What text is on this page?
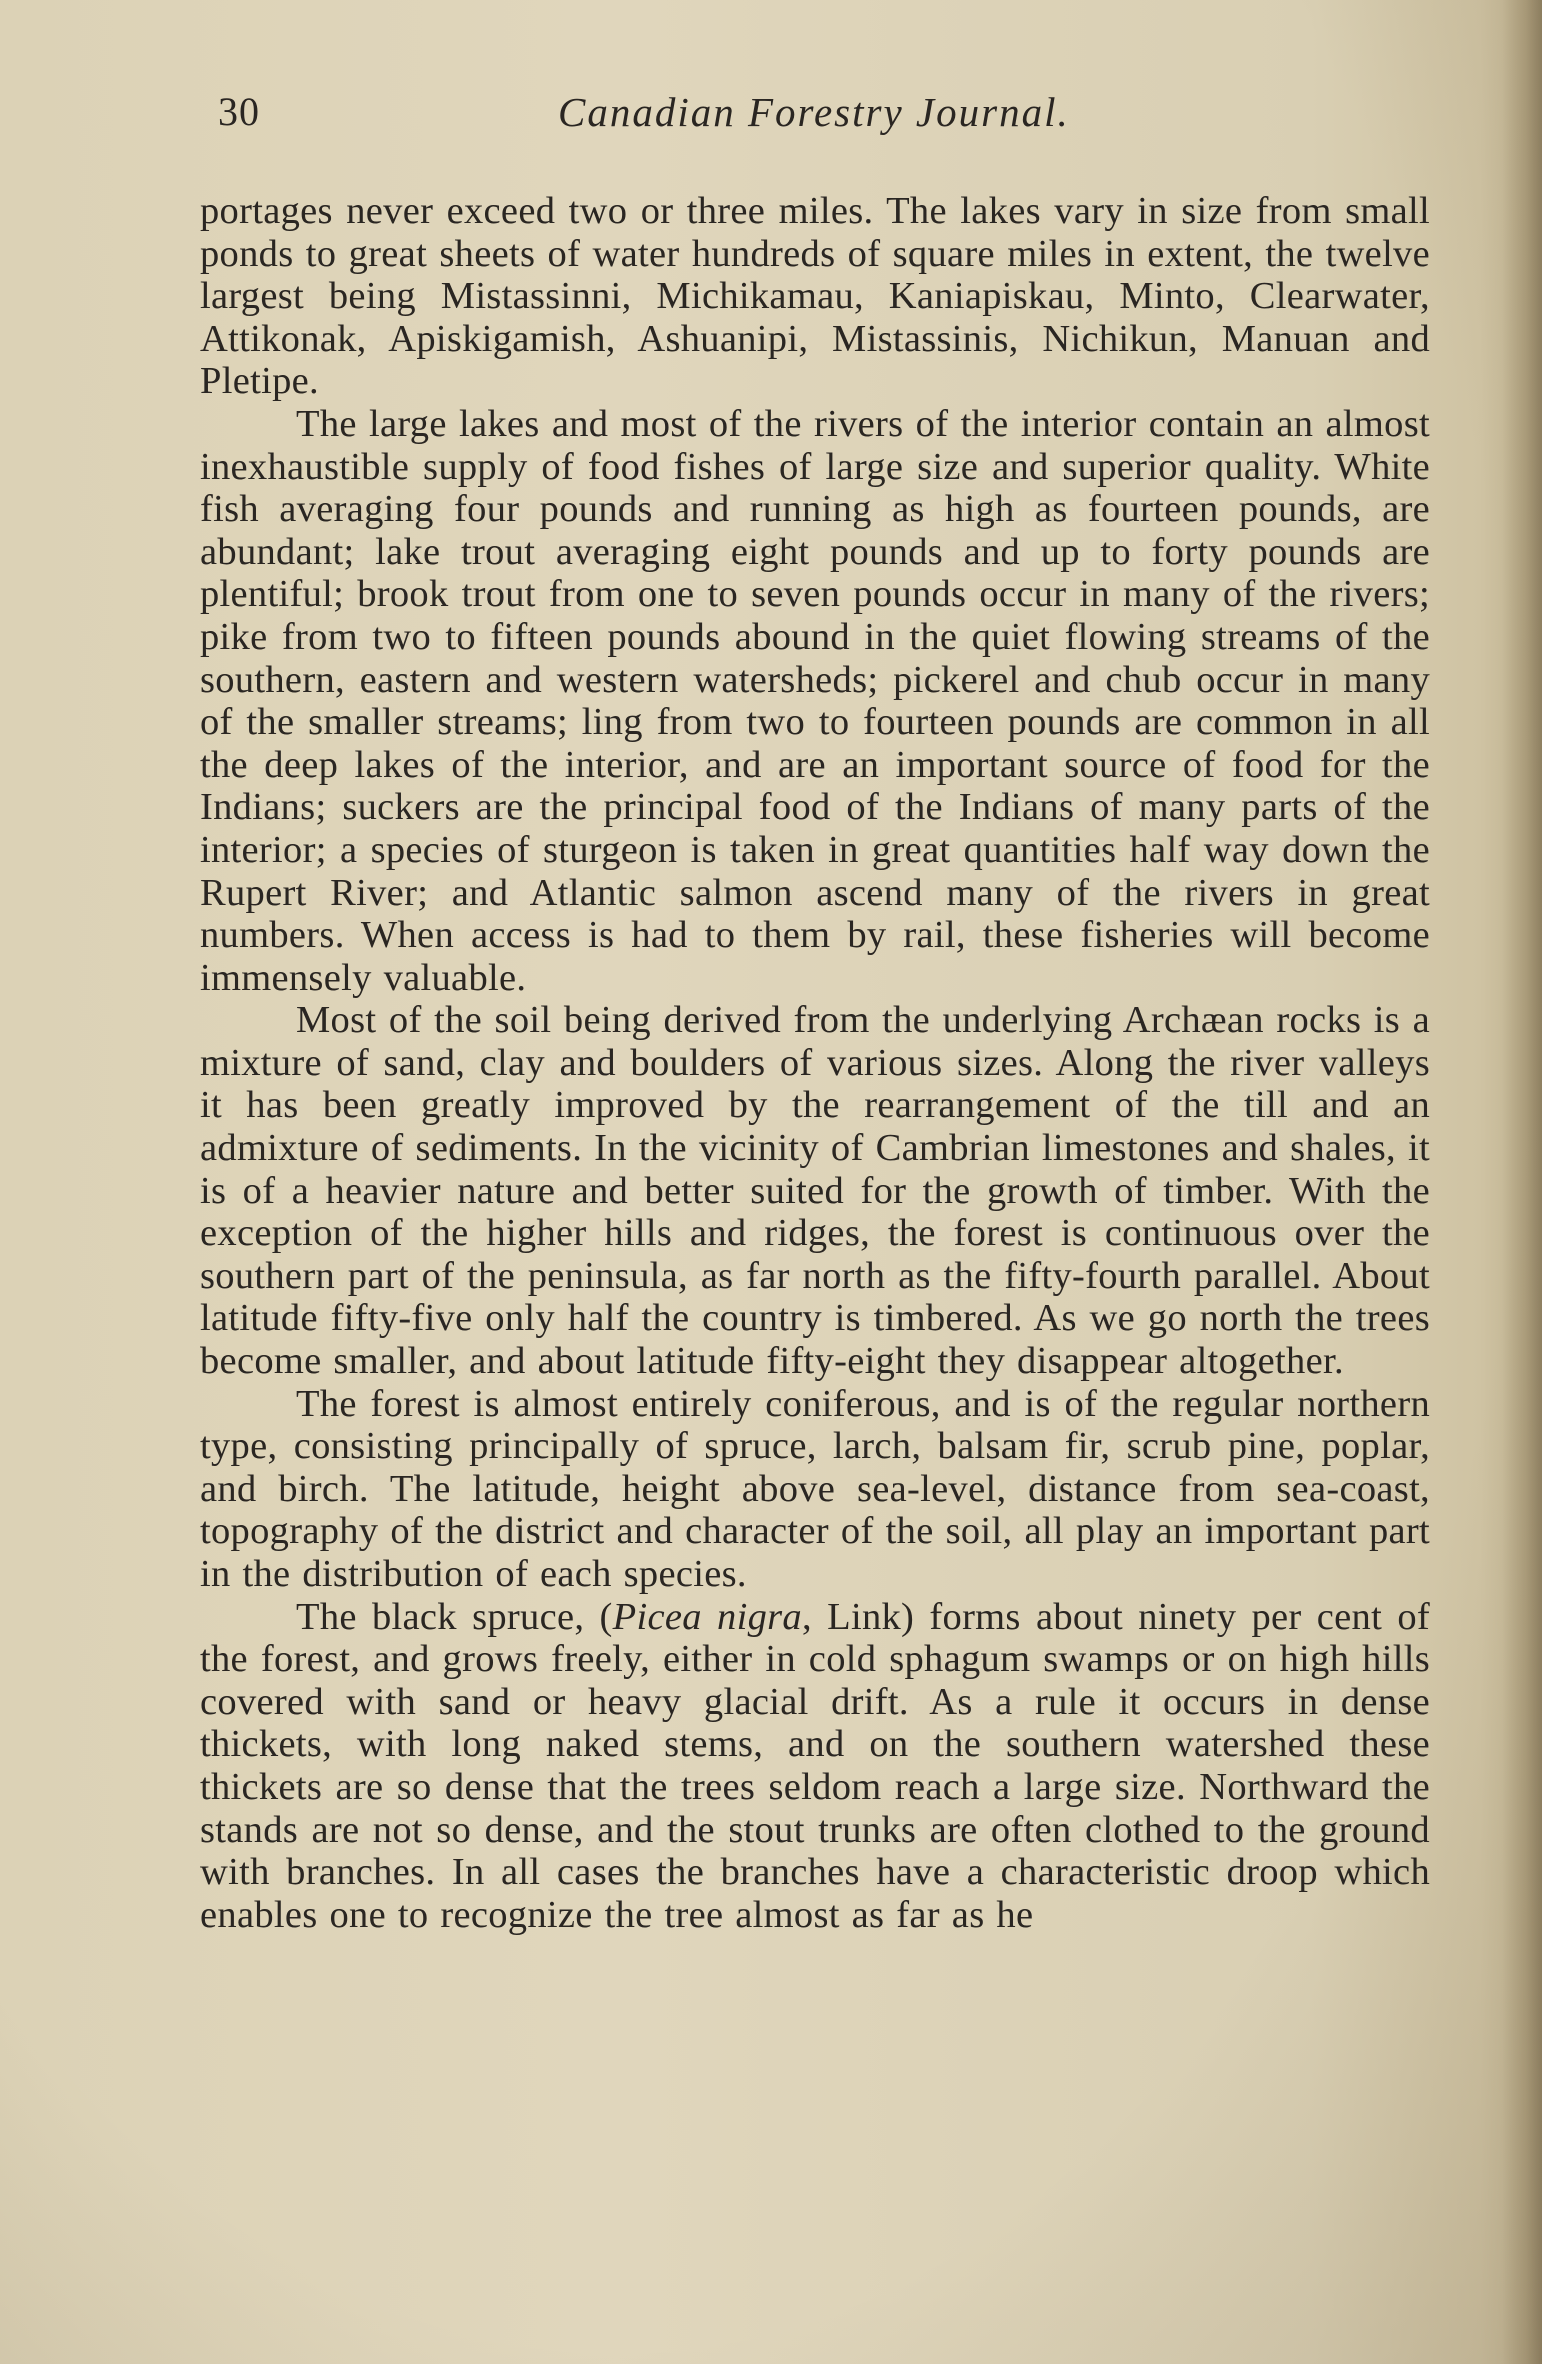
30	Canadian Forestry Journal.

portages never exceed two or three miles. The lakes vary in size from small ponds to great sheets of water hundreds of square miles in extent, the twelve largest being Mistassinni, Michikamau, Kaniapiskau, Minto, Clearwater, Attikonak, Apiskigamish, Ashuanipi, Mistassinis, Nichikun, Manuan and Pletipe.

The large lakes and most of the rivers of the interior contain an almost inexhaustible supply of food fishes of large size and superior quality. White fish averaging four pounds and running as high as fourteen pounds, are abundant; lake trout averaging eight pounds and up to forty pounds are plentiful; brook trout from one to seven pounds occur in many of the rivers; pike from two to fifteen pounds abound in the quiet flowing streams of the southern, eastern and western watersheds; pickerel and chub occur in many of the smaller streams; ling from two to fourteen pounds are common in all the deep lakes of the interior, and are an important source of food for the Indians; suckers are the principal food of the Indians of many parts of the interior; a species of sturgeon is taken in great quantities half way down the Rupert River; and Atlantic salmon ascend many of the rivers in great numbers. When access is had to them by rail, these fisheries will become immensely valuable.

Most of the soil being derived from the underlying Archæan rocks is a mixture of sand, clay and boulders of various sizes. Along the river valleys it has been greatly improved by the rearrangement of the till and an admixture of sediments. In the vicinity of Cambrian limestones and shales, it is of a heavier nature and better suited for the growth of timber. With the exception of the higher hills and ridges, the forest is continuous over the southern part of the peninsula, as far north as the fifty-fourth parallel. About latitude fifty-five only half the country is timbered. As we go north the trees become smaller, and about latitude fifty-eight they disappear altogether.

The forest is almost entirely coniferous, and is of the regular northern type, consisting principally of spruce, larch, balsam fir, scrub pine, poplar, and birch. The latitude, height above sea-level, distance from sea-coast, topography of the district and character of the soil, all play an important part in the distribution of each species.

The black spruce, (Picea nigra, Link) forms about ninety per cent of the forest, and grows freely, either in cold sphagum swamps or on high hills covered with sand or heavy glacial drift. As a rule it occurs in dense thickets, with long naked stems, and on the southern watershed these thickets are so dense that the trees seldom reach a large size. Northward the stands are not so dense, and the stout trunks are often clothed to the ground with branches. In all cases the branches have a characteristic droop which enables one to recognize the tree almost as far as he
